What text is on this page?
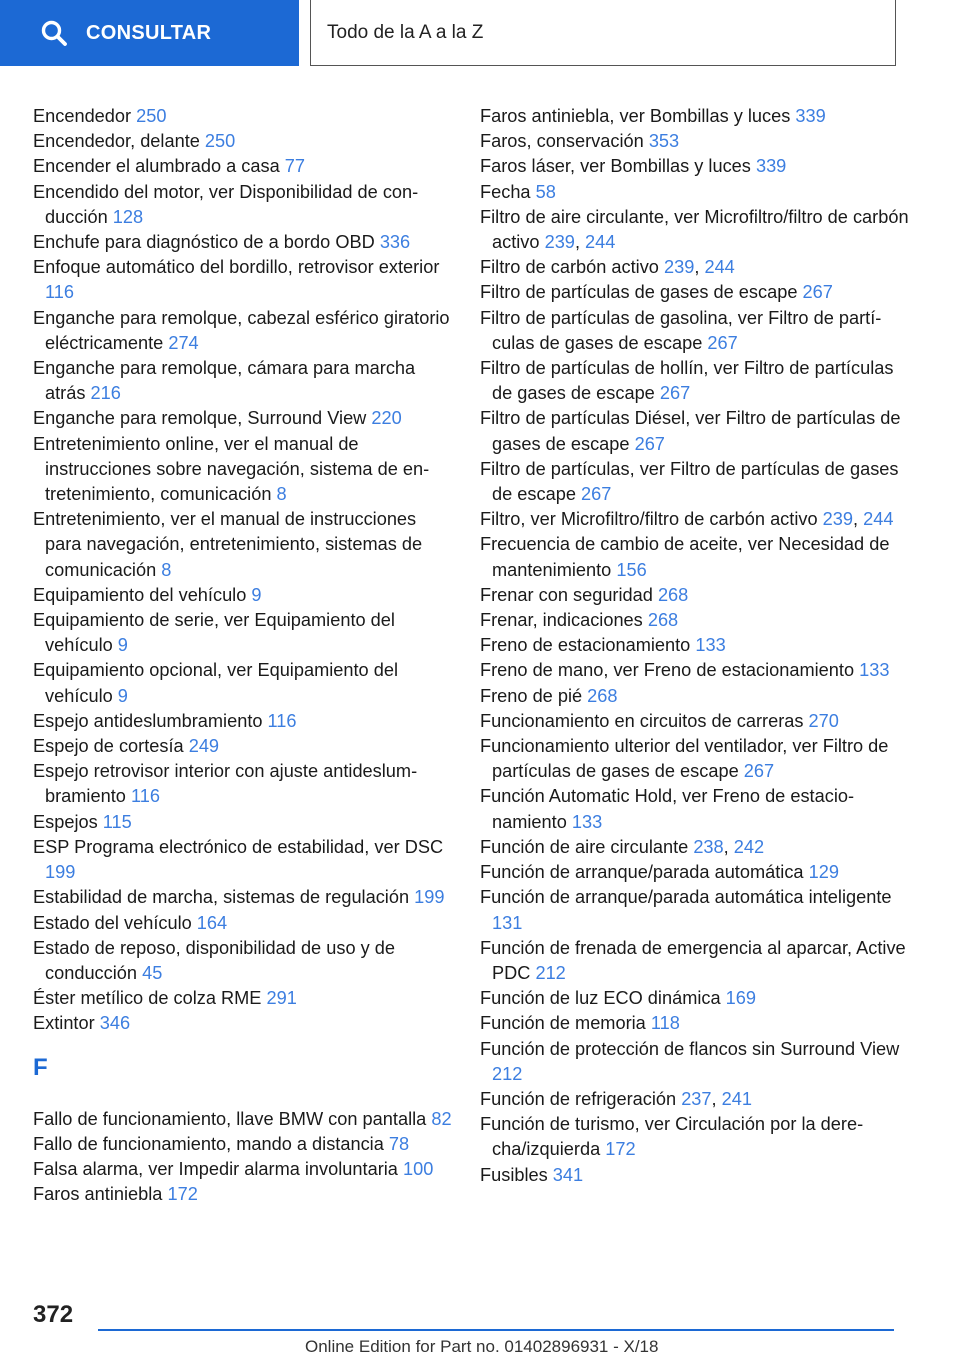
CONSULTAR	Todo de la A a la Z
Encendedor 250
Encendedor, delante 250
Encender el alumbrado a casa 77
Encendido del motor, ver Disponibilidad de conducción 128
Enchufe para diagnóstico de a bordo OBD 336
Enfoque automático del bordillo, retrovisor exterior 116
Enganche para remolque, cabezal esférico giratorio eléctricamente 274
Enganche para remolque, cámara para marcha atrás 216
Enganche para remolque, Surround View 220
Entretenimiento online, ver el manual de instrucciones sobre navegación, sistema de entretenimiento, comunicación 8
Entretenimiento, ver el manual de instrucciones para navegación, entretenimiento, sistemas de comunicación 8
Equipamiento del vehículo 9
Equipamiento de serie, ver Equipamiento del vehículo 9
Equipamiento opcional, ver Equipamiento del vehículo 9
Espejo antideslumbramiento 116
Espejo de cortesía 249
Espejo retrovisor interior con ajuste antideslumbramiento 116
Espejos 115
ESP Programa electrónico de estabilidad, ver DSC 199
Estabilidad de marcha, sistemas de regulación 199
Estado del vehículo 164
Estado de reposo, disponibilidad de uso y de conducción 45
Éster metílico de colza RME 291
Extintor 346
F
Fallo de funcionamiento, llave BMW con pantalla 82
Fallo de funcionamiento, mando a distancia 78
Falsa alarma, ver Impedir alarma involuntaria 100
Faros antiniebla 172
Faros antiniebla, ver Bombillas y luces 339
Faros, conservación 353
Faros láser, ver Bombillas y luces 339
Fecha 58
Filtro de aire circulante, ver Microfiltro/filtro de carbón activo 239, 244
Filtro de carbón activo 239, 244
Filtro de partículas de gases de escape 267
Filtro de partículas de gasolina, ver Filtro de partículas de gases de escape 267
Filtro de partículas de hollín, ver Filtro de partículas de gases de escape 267
Filtro de partículas Diésel, ver Filtro de partículas de gases de escape 267
Filtro de partículas, ver Filtro de partículas de gases de escape 267
Filtro, ver Microfiltro/filtro de carbón activo 239, 244
Frecuencia de cambio de aceite, ver Necesidad de mantenimiento 156
Frenar con seguridad 268
Frenar, indicaciones 268
Freno de estacionamiento 133
Freno de mano, ver Freno de estacionamiento 133
Freno de pié 268
Funcionamiento en circuitos de carreras 270
Funcionamiento ulterior del ventilador, ver Filtro de partículas de gases de escape 267
Función Automatic Hold, ver Freno de estacionamiento 133
Función de aire circulante 238, 242
Función de arranque/parada automática 129
Función de arranque/parada automática inteligente 131
Función de frenada de emergencia al aparcar, Active PDC 212
Función de luz ECO dinámica 169
Función de memoria 118
Función de protección de flancos sin Surround View 212
Función de refrigeración 237, 241
Función de turismo, ver Circulación por la derecha/izquierda 172
Fusibles 341
372
Online Edition for Part no. 01402896931 - X/18
